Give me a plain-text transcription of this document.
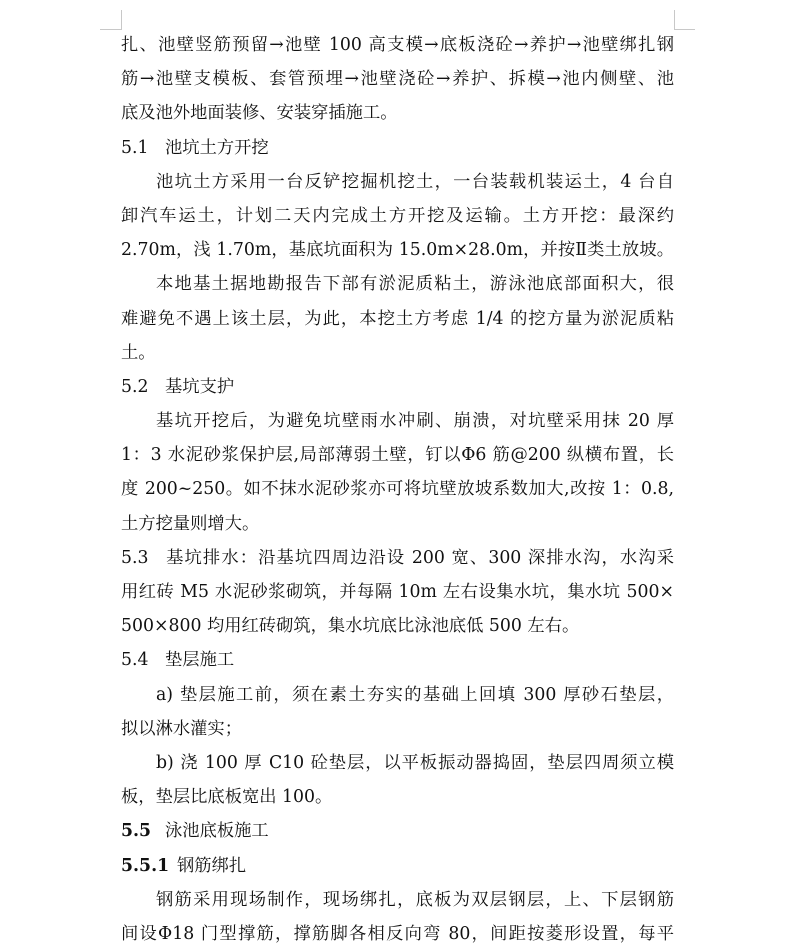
扎、池壁竖筋预留→池壁 100 高支模→底板浇砼→养护→池壁绑扎钢
筋→池壁支模板、套管预埋→池壁浇砼→养护、拆模→池内侧壁、池
底及池外地面装修、安装穿插施工。
5.1 池坑土方开挖
池坑土方采用一台反铲挖掘机挖土，一台装载机装运土，4 台自
卸汽车运土，计划二天内完成土方开挖及运输。土方开挖：最深约
2.70m，浅 1.70m，基底坑面积为 15.0m×28.0m，并按Ⅱ类土放坡。
本地基土据地勘报告下部有淤泥质粘土，游泳池底部面积大，很
难避免不遇上该土层，为此，本挖土方考虑 1/4 的挖方量为淤泥质粘
土。
5.2 基坑支护
基坑开挖后，为避免坑壁雨水冲刷、崩溃，对坑壁采用抹 20 厚
1：3 水泥砂浆保护层,局部薄弱土壁，钉以Φ6 筋@200 纵横布置，长
度 200~250。如不抹水泥砂浆亦可将坑壁放坡系数加大,改按 1：0.8,
土方挖量则增大。
5.3 基坑排水：沿基坑四周边沿设 200 宽、300 深排水沟，水沟采
用红砖 M5 水泥砂浆砌筑，并每隔 10m 左右设集水坑，集水坑 500×
500×800 均用红砖砌筑，集水坑底比泳池底低 500 左右。
5.4 垫层施工
a) 垫层施工前，须在素土夯实的基础上回填 300 厚砂石垫层，
拟以淋水灌实；
b) 浇 100 厚 C10 砼垫层，以平板振动器捣固，垫层四周须立模
板，垫层比底板宽出 100。
5.5 泳池底板施工
5.5.1 钢筋绑扎
钢筋采用现场制作，现场绑扎，底板为双层钢层，上、下层钢筋
间设Φ18 门型撑筋，撑筋脚各相反向弯 80，间距按菱形设置，每平
